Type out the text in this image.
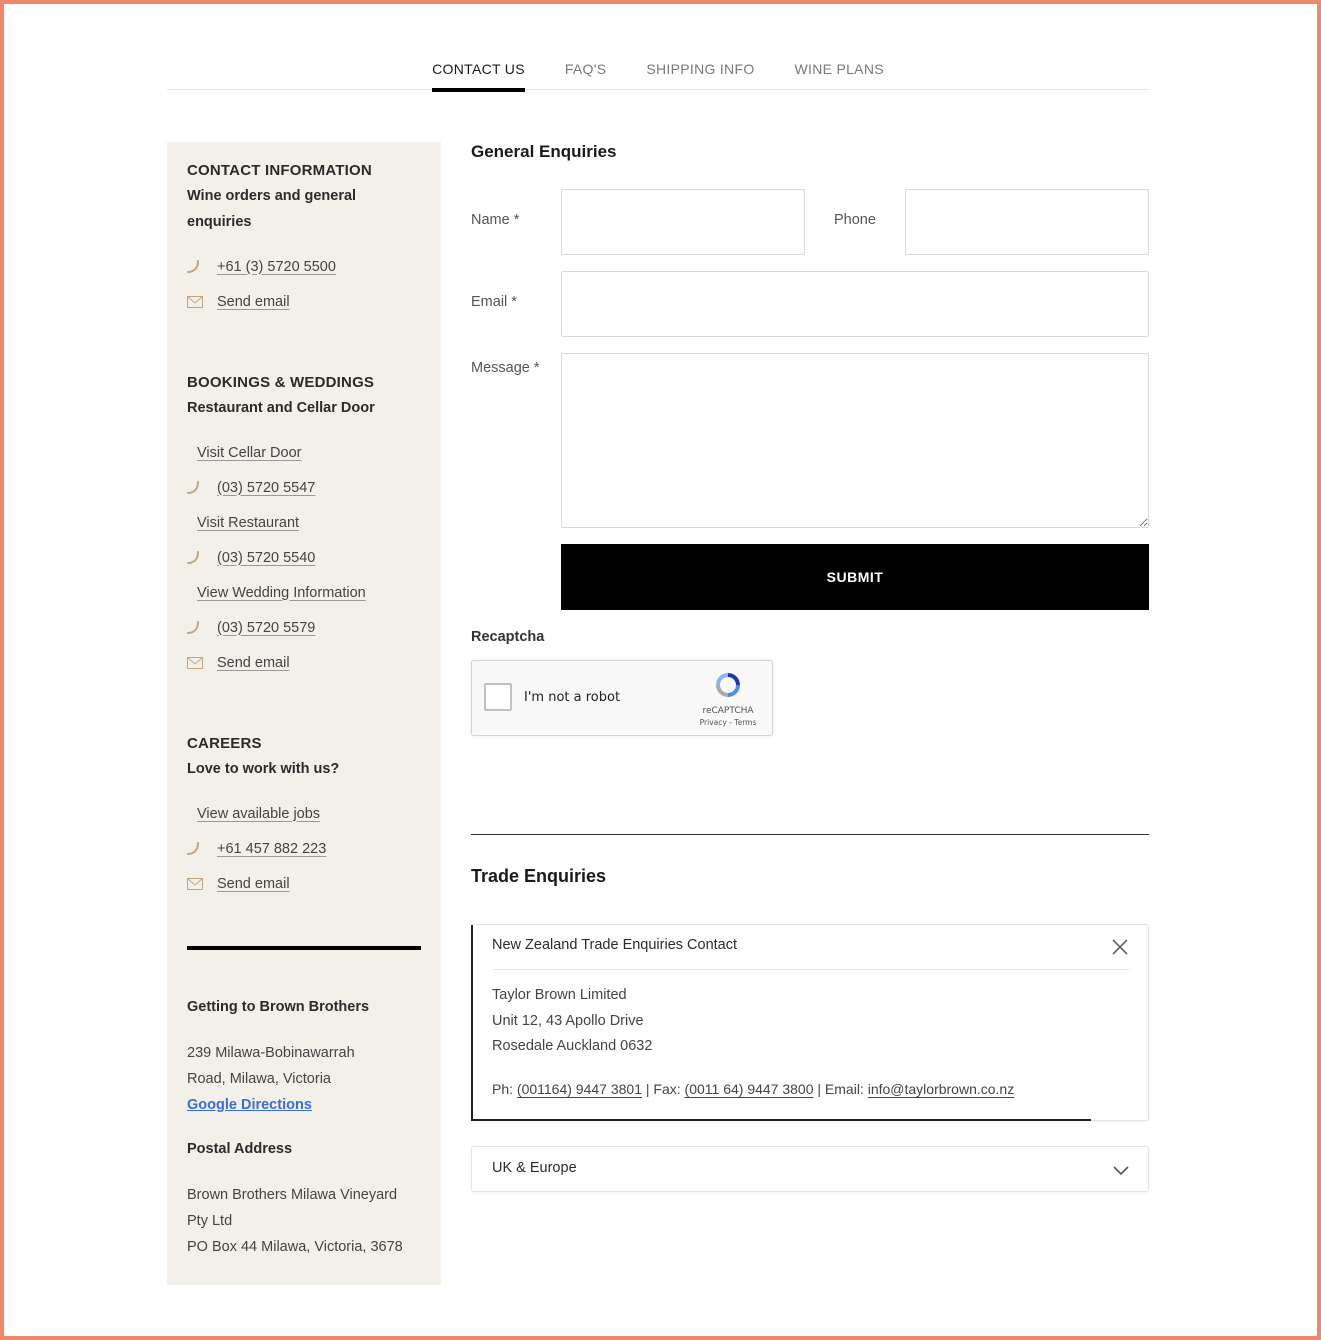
CONTACT US	FAQ'S	SHIPPING INFO	WINE PLANS
CONTACT INFORMATION
Wine orders and general enquiries
+61 (3) 5720 5500
Send email
BOOKINGS & WEDDINGS
Restaurant and Cellar Door
Visit Cellar Door
(03) 5720 5547
Visit Restaurant
(03) 5720 5540
View Wedding Information
(03) 5720 5579
Send email
CAREERS
Love to work with us?
View available jobs
+61 457 882 223
Send email
Getting to Brown Brothers
239 Milawa-Bobinawarrah
Road, Milawa, Victoria
Google Directions
Postal Address
Brown Brothers Milawa Vineyard
Pty Ltd
PO Box 44 Milawa, Victoria, 3678
General Enquiries
Name *	Phone
Email *
Message *
SUBMIT
Recaptcha
I'm not a robot
reCAPTCHA
Privacy - Terms
Trade Enquiries
New Zealand Trade Enquiries Contact
Taylor Brown Limited
Unit 12, 43 Apollo Drive
Rosedale Auckland 0632
Ph: (001164) 9447 3801 | Fax: (0011 64) 9447 3800 | Email: info@taylorbrown.co.nz
UK & Europe
